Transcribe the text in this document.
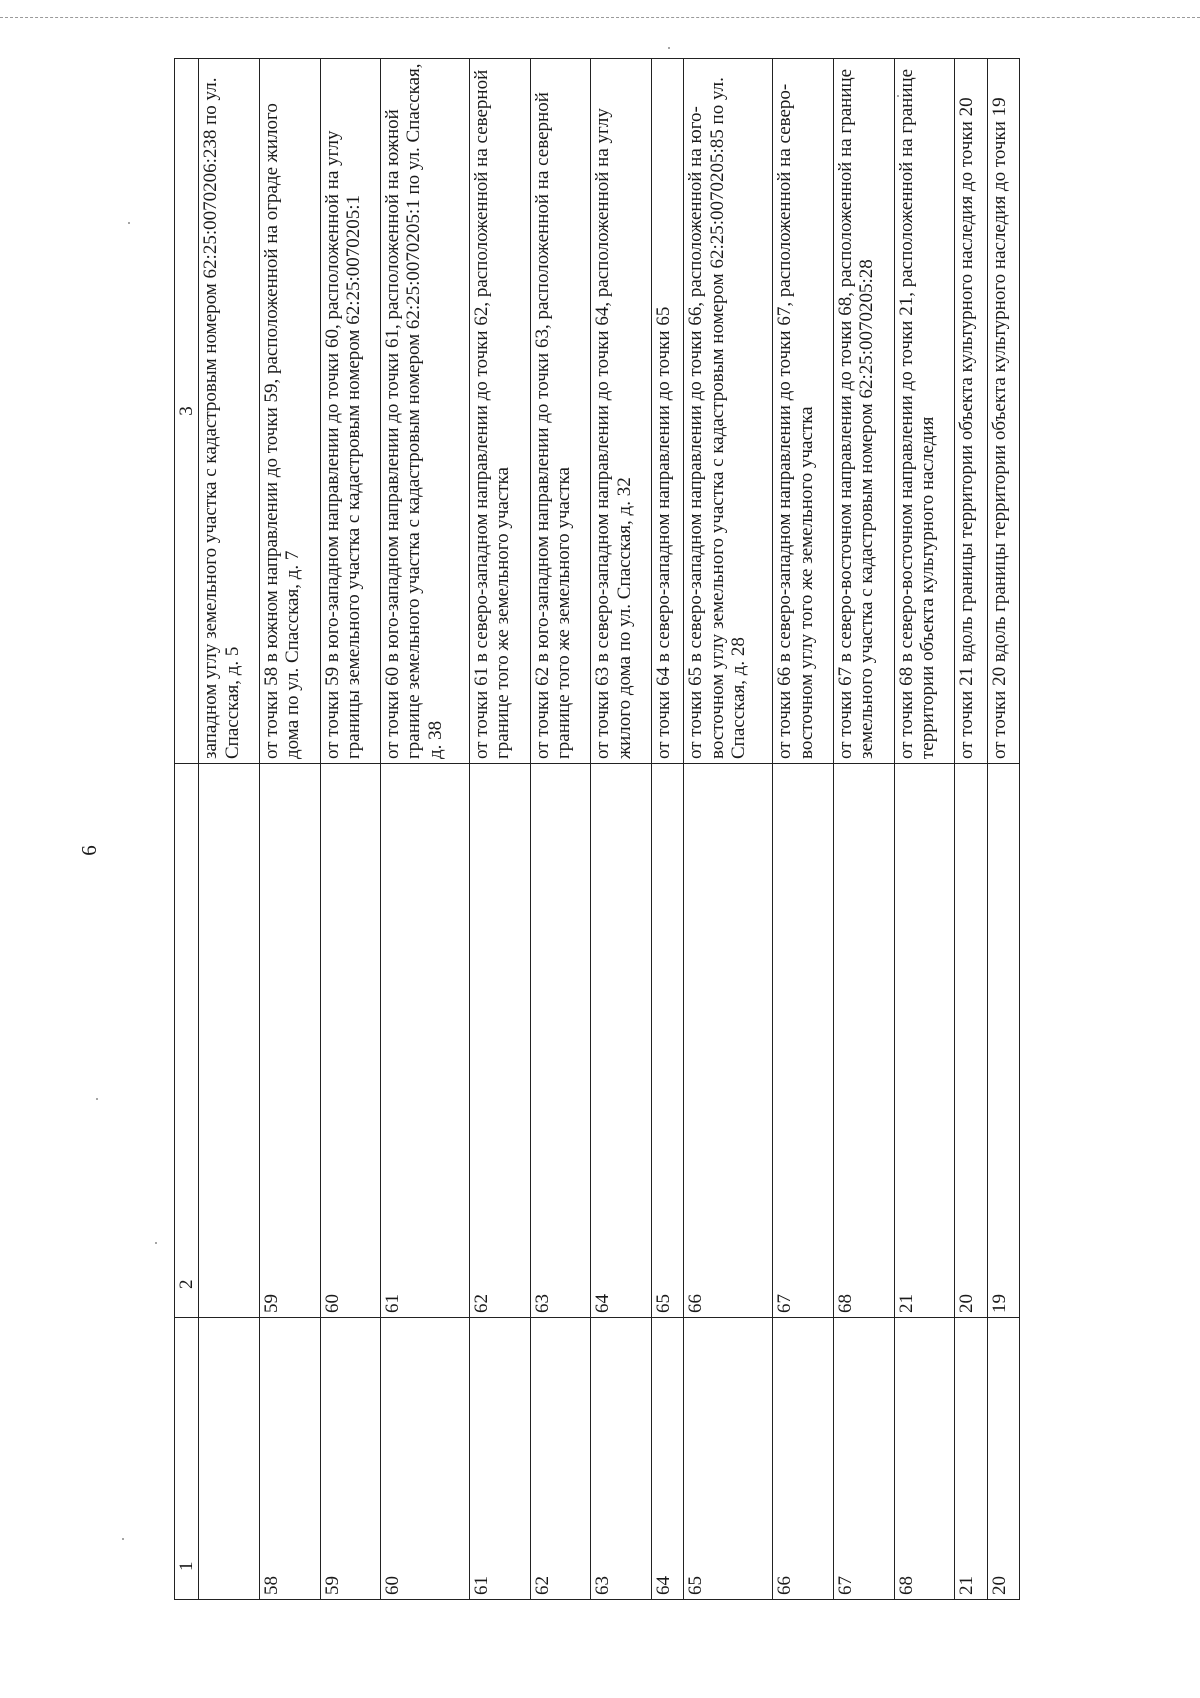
6
1	2	3
		западном углу земельного участка с кадастровым номером 62:25:0070206:238 по ул. Спасская, д. 5
58	59	от точки 58 в южном направлении до точки 59, расположенной на ограде жилого дома по ул. Спасская, д. 7
59	60	от точки 59 в юго-западном направлении до точки 60, расположенной на углу границы земельного участка с кадастровым номером 62:25:0070205:1
60	61	от точки 60 в юго-западном направлении до точки 61, расположенной на южной границе земельного участка с кадастровым номером 62:25:0070205:1 по ул. Спасская, д. 38
61	62	от точки 61 в северо-западном направлении до точки 62, расположенной на северной границе того же земельного участка
62	63	от точки 62 в юго-западном направлении до точки 63, расположенной на северной границе того же земельного участка
63	64	от точки 63 в северо-западном направлении до точки 64, расположенной на углу жилого дома по ул. Спасская, д. 32
64	65	от точки 64 в северо-западном направлении до точки 65
65	66	от точки 65 в северо-западном направлении до точки 66, расположенной на юго-восточном углу земельного участка с кадастровым номером 62:25:0070205:85 по ул. Спасская, д. 28
66	67	от точки 66 в северо-западном направлении до точки 67, расположенной на северо-восточном углу того же земельного участка
67	68	от точки 67 в северо-восточном направлении до точки 68, расположенной на границе земельного участка с кадастровым номером 62:25:0070205:28
68	21	от точки 68 в северо-восточном направлении до точки 21, расположенной на границе территории объекта культурного наследия
21	20	от точки 21 вдоль границы территории объекта культурного наследия до точки 20
20	19	от точки 20 вдоль границы территории объекта культурного наследия до точки 19
